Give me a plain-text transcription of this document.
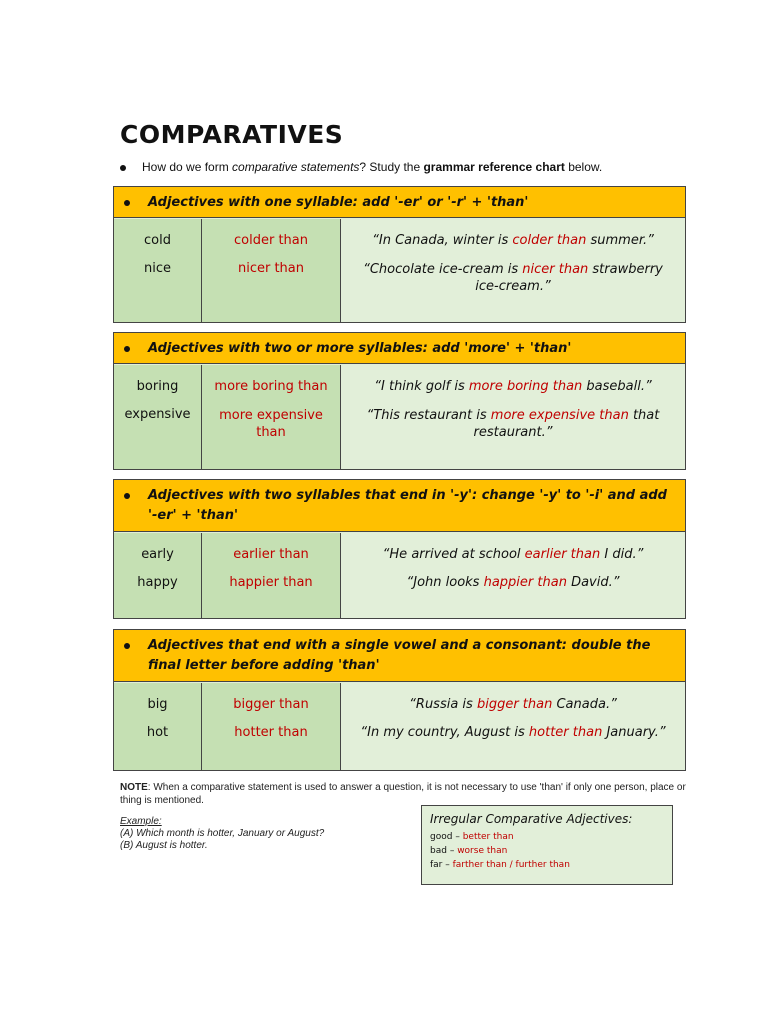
COMPARATIVES
How do we form comparative statements? Study the grammar reference chart below.
Adjectives with one syllable: add '-er' or '-r' + 'than'
cold
nice
colder than
nicer than
“In Canada, winter is colder than summer.”
“Chocolate ice-cream is nicer than strawberry ice-cream.”
Adjectives with two or more syllables: add 'more' + 'than'
boring
expensive
more boring than
more expensive than
“I think golf is more boring than baseball.”
“This restaurant is more expensive than that restaurant.”
Adjectives with two syllables that end in '-y': change '-y' to '-i' and add '-er' + 'than'
early
happy
earlier than
happier than
“He arrived at school earlier than I did.”
“John looks happier than David.”
Adjectives that end with a single vowel and a consonant: double the final letter before adding 'than'
big
hot
bigger than
hotter than
“Russia is bigger than Canada.”
“In my country, August is hotter than January.”
NOTE: When a comparative statement is used to answer a question, it is not necessary to use 'than' if only one person, place or thing is mentioned.
Example:
(A) Which month is hotter, January or August?
(B) August is hotter.
Irregular Comparative Adjectives:
good – better than
bad – worse than
far – farther than / further than
